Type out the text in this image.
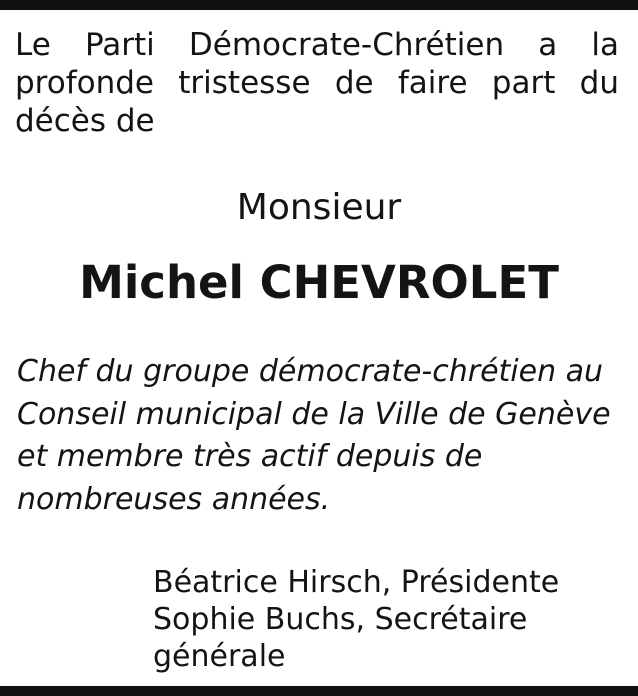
Le Parti Démocrate-Chrétien a la
profonde tristesse de faire part du
décès de
Monsieur
Michel CHEVROLET
Chef du groupe démocrate-chrétien au
Conseil municipal de la Ville de Genève
et membre très actif depuis de
nombreuses années.
Béatrice Hirsch, Présidente
Sophie Buchs, Secrétaire
générale
